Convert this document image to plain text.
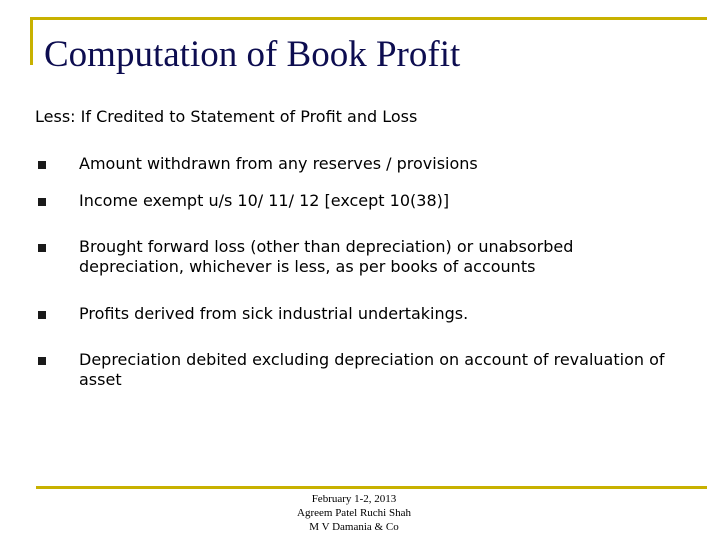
Computation of Book Profit
Less: If Credited to Statement of Profit and Loss
Amount withdrawn from any reserves / provisions
Income exempt u/s 10/ 11/ 12 [except 10(38)]
Brought forward loss (other than depreciation) or unabsorbed depreciation, whichever is less, as per books of accounts
Profits derived from sick industrial undertakings.
Depreciation debited excluding depreciation on account of revaluation of asset
February 1-2, 2013
Agreem Patel Ruchi Shah
M V Damania & Co
